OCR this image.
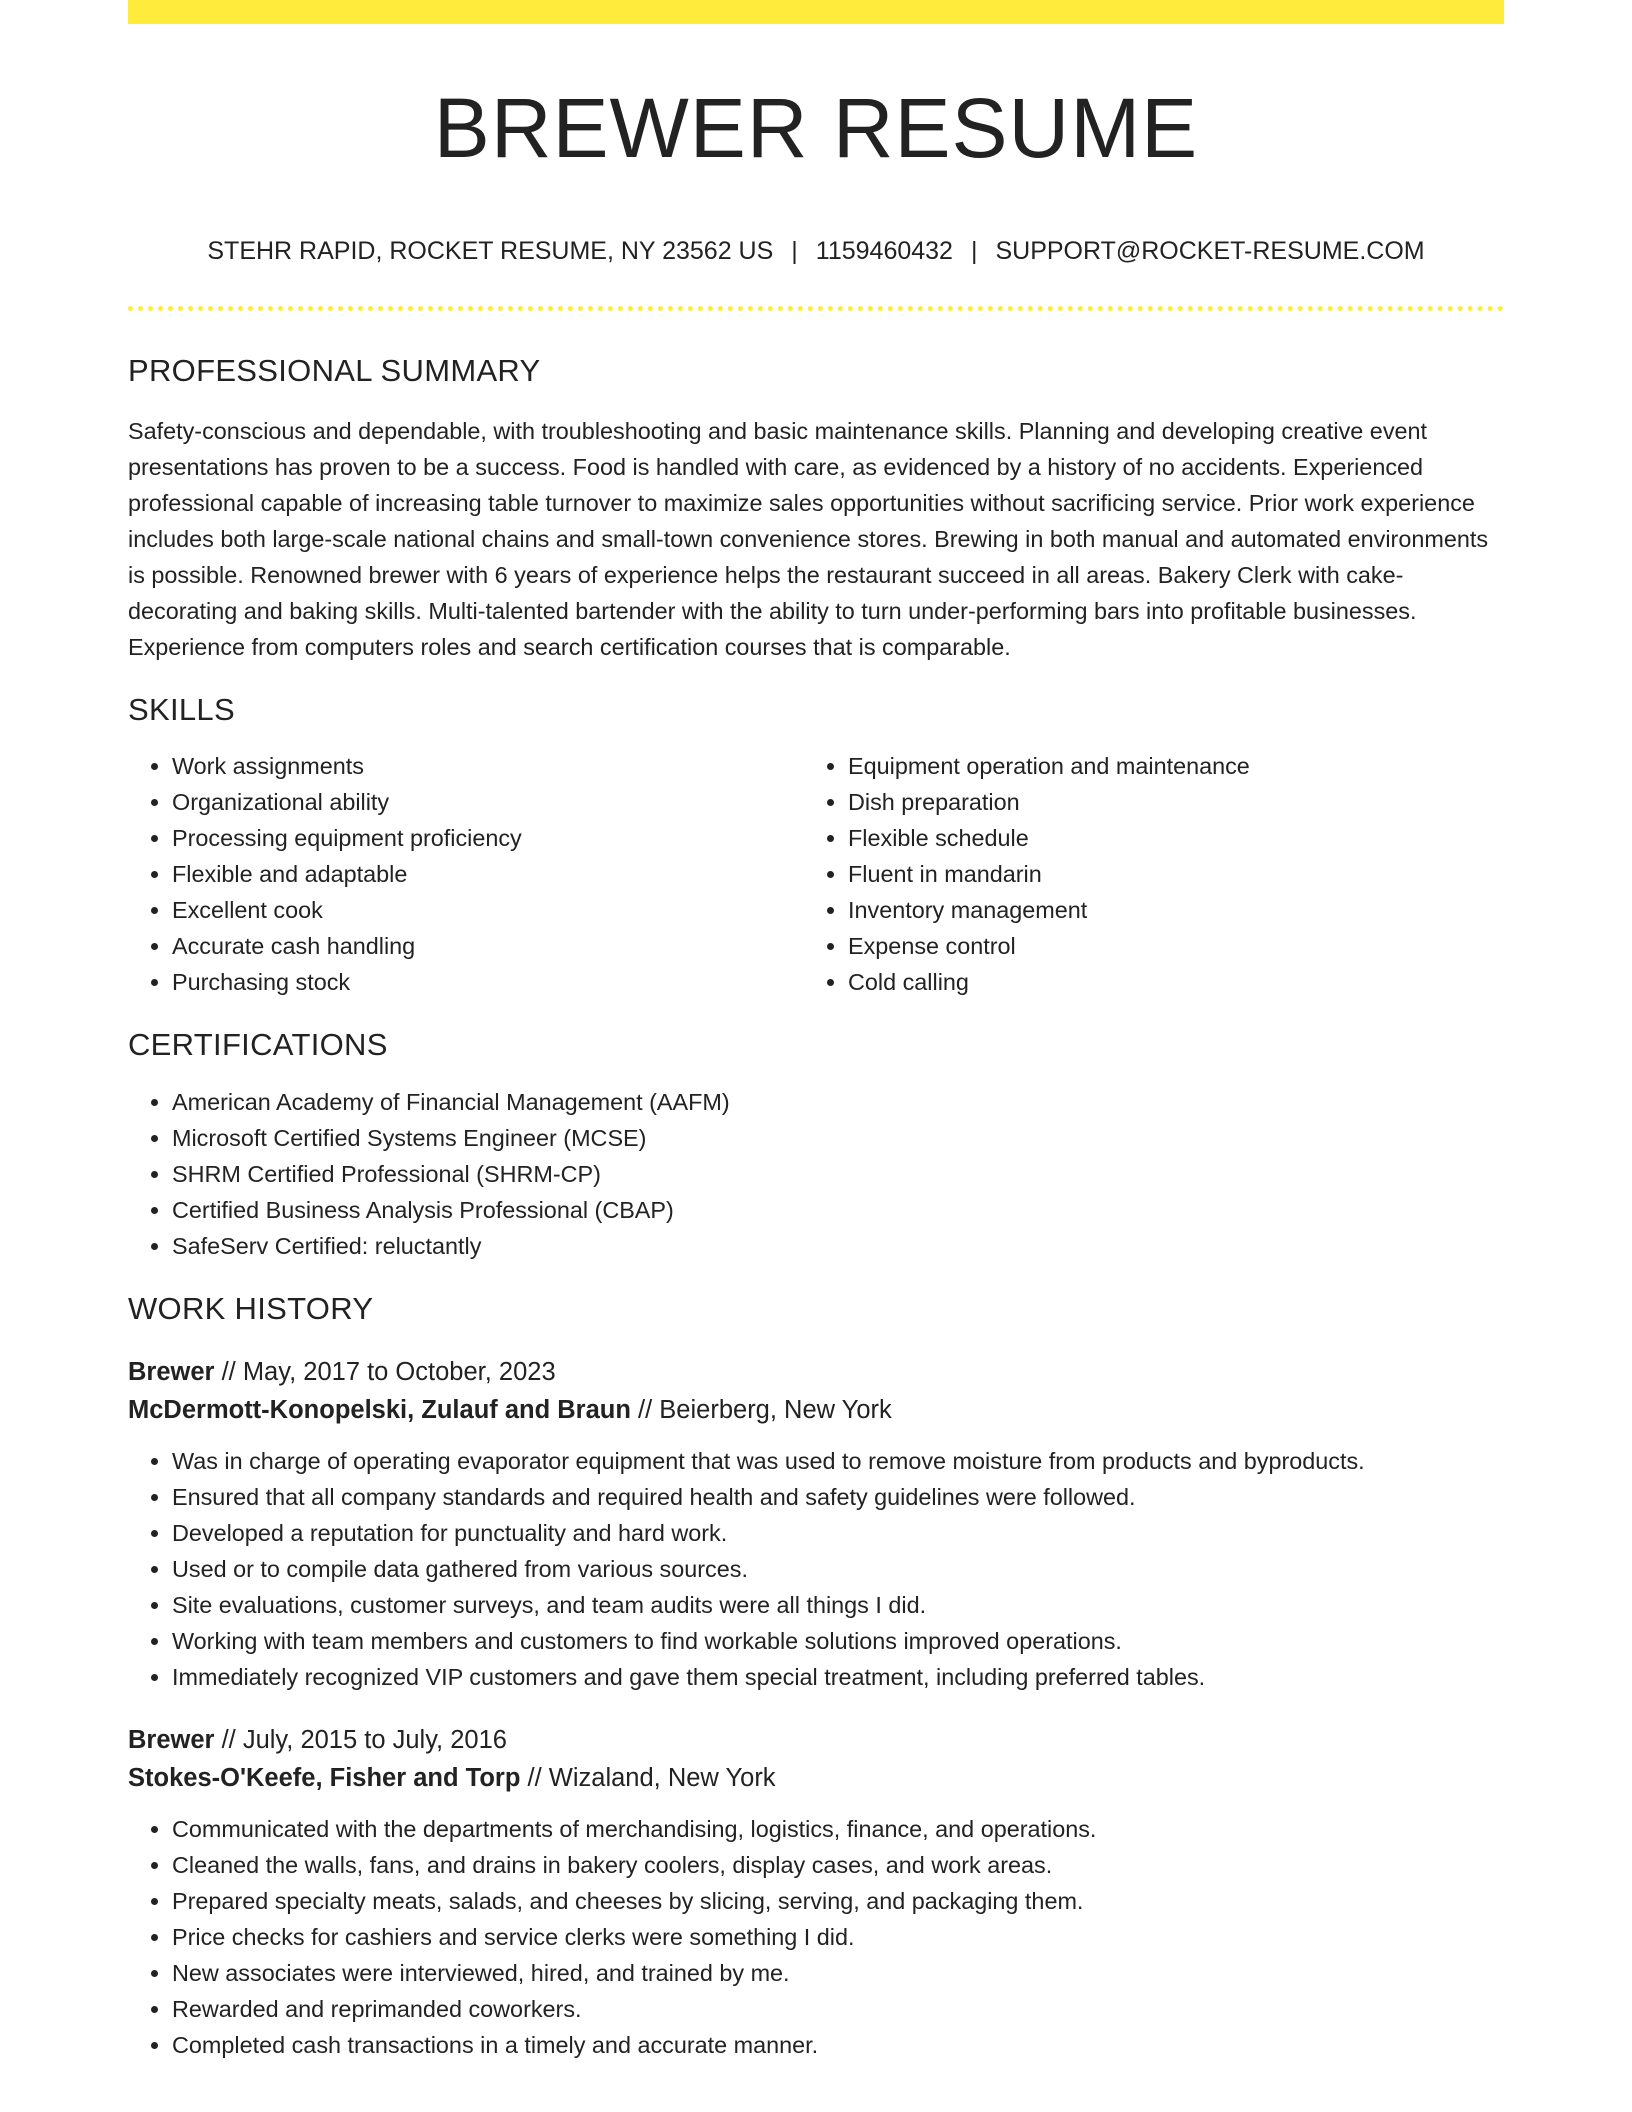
BREWER RESUME
STEHR RAPID, ROCKET RESUME, NY 23562 US | 1159460432 | SUPPORT@ROCKET-RESUME.COM
PROFESSIONAL SUMMARY

Safety-conscious and dependable, with troubleshooting and basic maintenance skills. Planning and developing creative event presentations has proven to be a success. Food is handled with care, as evidenced by a history of no accidents. Experienced professional capable of increasing table turnover to maximize sales opportunities without sacrificing service. Prior work experience includes both large-scale national chains and small-town convenience stores. Brewing in both manual and automated environments is possible. Renowned brewer with 6 years of experience helps the restaurant succeed in all areas. Bakery Clerk with cake-decorating and baking skills. Multi-talented bartender with the ability to turn under-performing bars into profitable businesses. Experience from computers roles and search certification courses that is comparable.

SKILLS
• Work assignments
• Organizational ability
• Processing equipment proficiency
• Flexible and adaptable
• Excellent cook
• Accurate cash handling
• Purchasing stock
• Equipment operation and maintenance
• Dish preparation
• Flexible schedule
• Fluent in mandarin
• Inventory management
• Expense control
• Cold calling
CERTIFICATIONS
• American Academy of Financial Management (AAFM)
• Microsoft Certified Systems Engineer (MCSE)
• SHRM Certified Professional (SHRM-CP)
• Certified Business Analysis Professional (CBAP)
• SafeServ Certified: reluctantly
WORK HISTORY
Brewer // May, 2017 to October, 2023
McDermott-Konopelski, Zulauf and Braun // Beierberg, New York
• Was in charge of operating evaporator equipment that was used to remove moisture from products and byproducts.
• Ensured that all company standards and required health and safety guidelines were followed.
• Developed a reputation for punctuality and hard work.
• Used or to compile data gathered from various sources.
• Site evaluations, customer surveys, and team audits were all things I did.
• Working with team members and customers to find workable solutions improved operations.
• Immediately recognized VIP customers and gave them special treatment, including preferred tables.
Brewer // July, 2015 to July, 2016
Stokes-O'Keefe, Fisher and Torp // Wizaland, New York
• Communicated with the departments of merchandising, logistics, finance, and operations.
• Cleaned the walls, fans, and drains in bakery coolers, display cases, and work areas.
• Prepared specialty meats, salads, and cheeses by slicing, serving, and packaging them.
• Price checks for cashiers and service clerks were something I did.
• New associates were interviewed, hired, and trained by me.
• Rewarded and reprimanded coworkers.
• Completed cash transactions in a timely and accurate manner.
